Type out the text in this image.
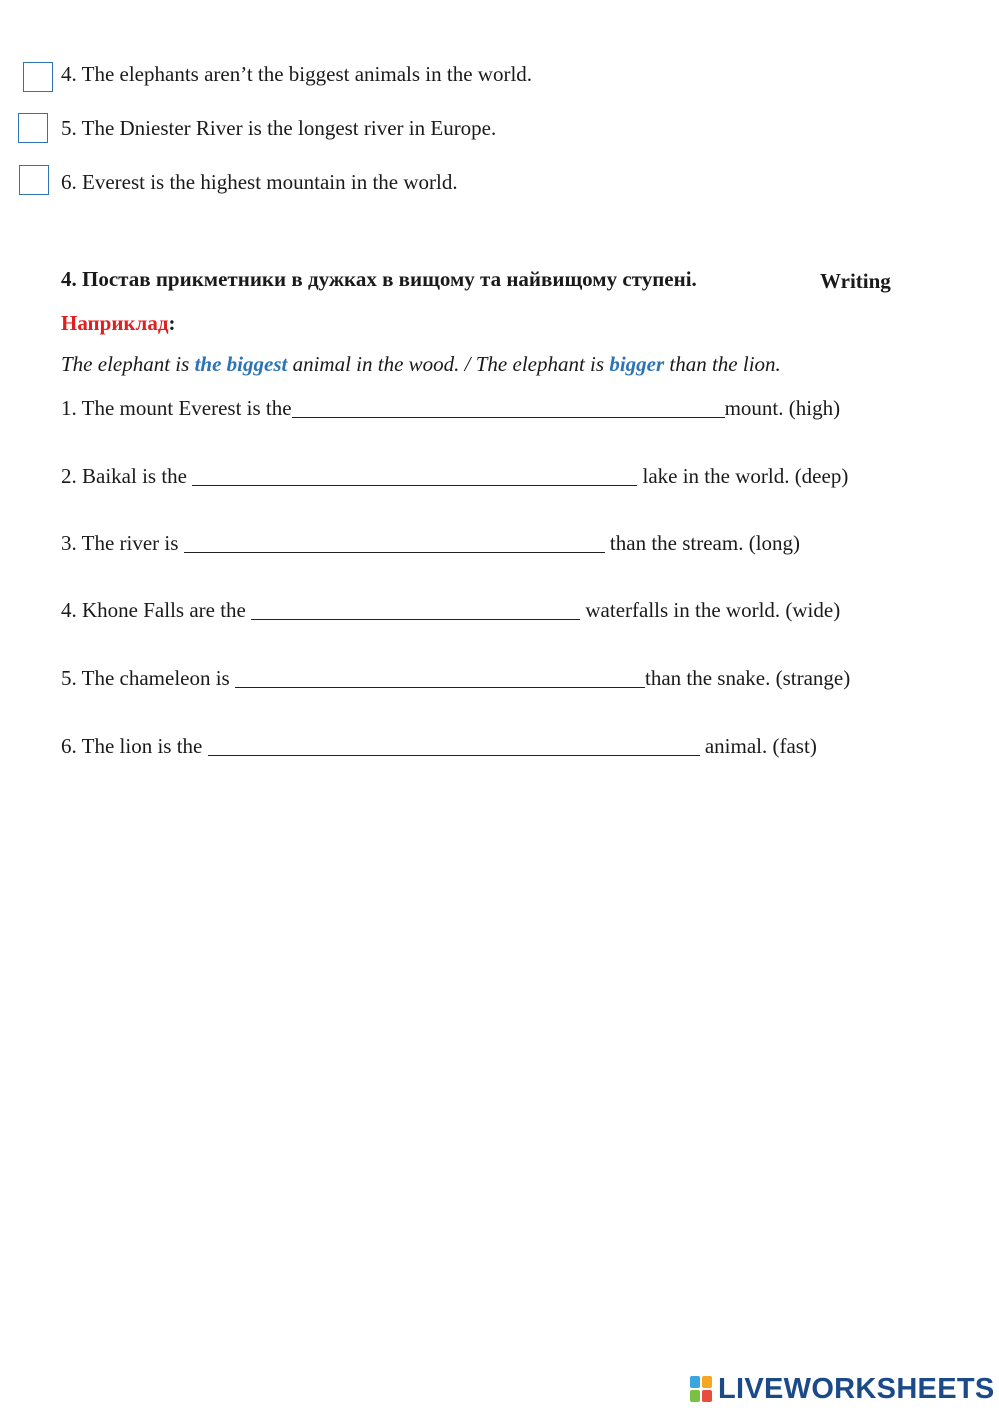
4. The elephants aren’t the biggest animals in the world.
5. The Dniester River is the longest river in Europe.
6. Everest is the highest mountain in the world.
4. Постав прикметники в дужках в вищому та найвищому ступені.	Writing
Наприклад:
The elephant is the biggest animal in the wood. / The elephant is bigger than the lion.
1. The mount Everest is the	mount. (high)
2. Baikal is the	lake in the world. (deep)
3. The river is	than the stream. (long)
4. Khone Falls are the	waterfalls in the world. (wide)
5. The chameleon is	than the snake. (strange)
6. The lion is the	animal. (fast)
LIVEWORKSHEETS
